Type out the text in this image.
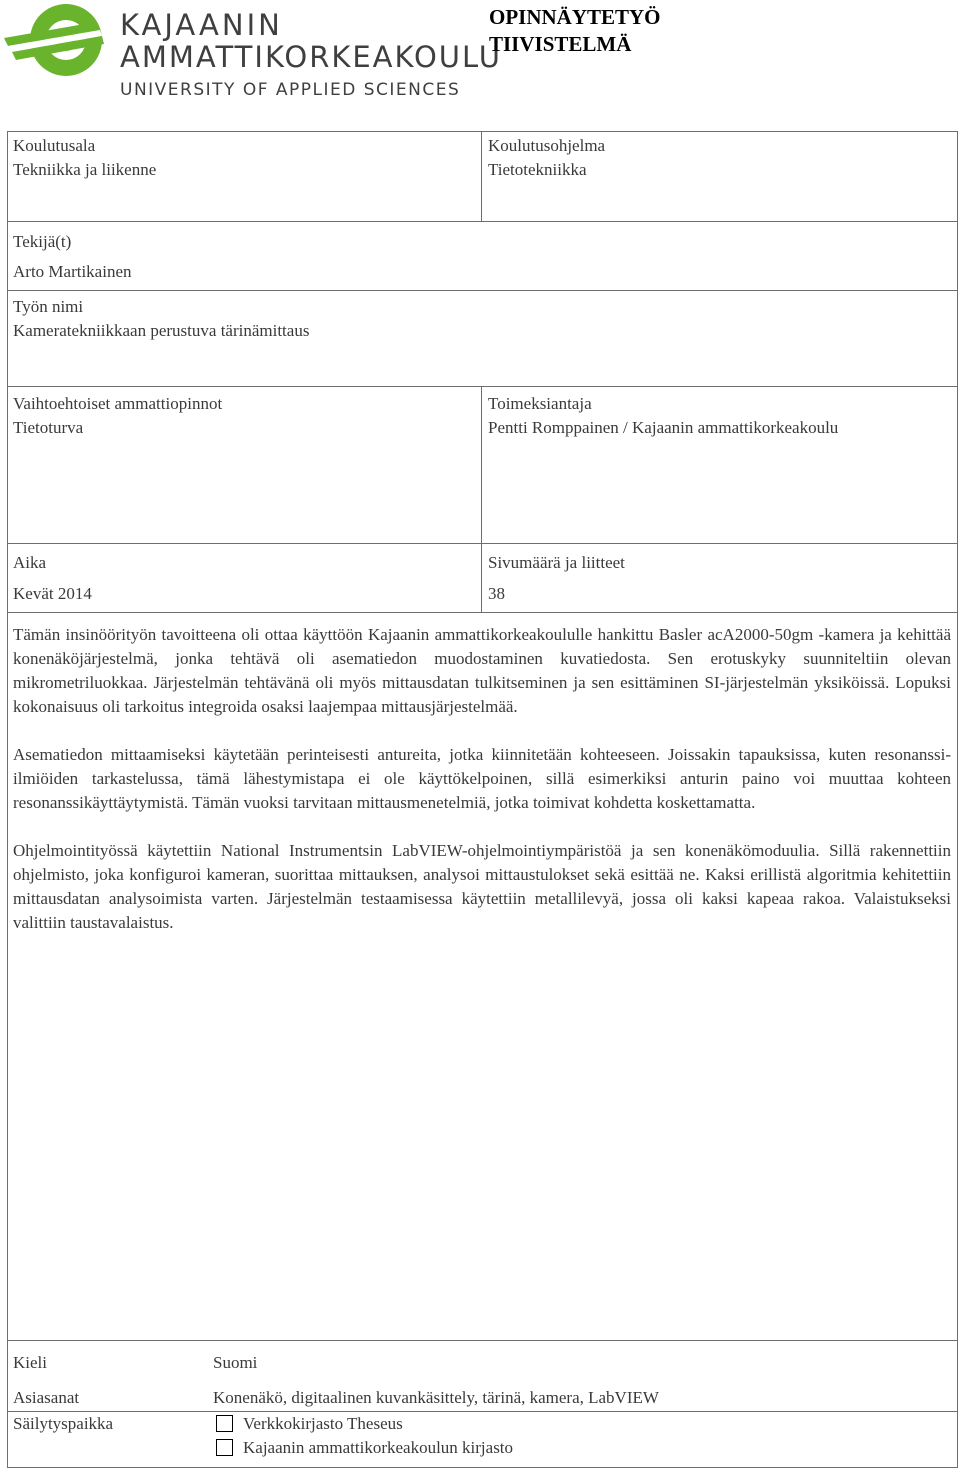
KAJAANIN
AMMATTIKORKEAKOULU
UNIVERSITY OF APPLIED SCIENCES
OPINNÄYTETYÖ
TIIVISTELMÄ
Koulutusala
Tekniikka ja liikenne
Koulutusohjelma
Tietotekniikka
Tekijä(t)
Arto Martikainen
Työn nimi
Kameratekniikkaan perustuva tärinämittaus
Vaihtoehtoiset ammattiopinnot
Tietoturva
Toimeksiantaja
Pentti Romppainen / Kajaanin ammattikorkeakoulu
Aika
Kevät 2014
Sivumäärä ja liitteet
38

Tämän insinöörityön tavoitteena oli ottaa käyttöön Kajaanin ammattikorkeakoululle hankittu Basler acA2000-50gm -kamera ja kehittää konenäköjärjestelmä, jonka tehtävä oli asematiedon muodostaminen kuvatiedosta. Sen erotuskyky suunniteltiin olevan mikrometriluokkaa. Järjestelmän tehtävänä oli myös mittausdatan tulkitseminen ja sen esittäminen SI-järjestelmän yksiköissä. Lopuksi kokonaisuus oli tarkoitus integroida osaksi laajempaa mittausjärjestelmää.

Asematiedon mittaamiseksi käytetään perinteisesti antureita, jotka kiinnitetään kohteeseen. Joissakin tapauksissa, kuten resonanssi-ilmiöiden tarkastelussa, tämä lähestymistapa ei ole käyttökelpoinen, sillä esimerkiksi anturin paino voi muuttaa kohteen resonanssikäyttäytymistä. Tämän vuoksi tarvitaan mittausmenetelmiä, jotka toimivat kohdetta koskettamatta.

Ohjelmointityössä käytettiin National Instrumentsin LabVIEW-ohjelmointiympäristöä ja sen konenäkömoduulia. Sillä rakennettiin ohjelmisto, joka konfiguroi kameran, suorittaa mittauksen, analysoi mittaustulokset sekä esittää ne. Kaksi erillistä algoritmia kehitettiin mittausdatan analysoimista varten. Järjestelmän testaamisessa käytettiin metallilevyä, jossa oli kaksi kapeaa rakoa. Valaistukseksi valittiin taustavalaistus.

Kieli	Suomi
Asiasanat	Konenäkö, digitaalinen kuvankäsittely, tärinä, kamera, LabVIEW
Säilytyspaikka	Verkkokirjasto Theseus
Kajaanin ammattikorkeakoulun kirjasto
